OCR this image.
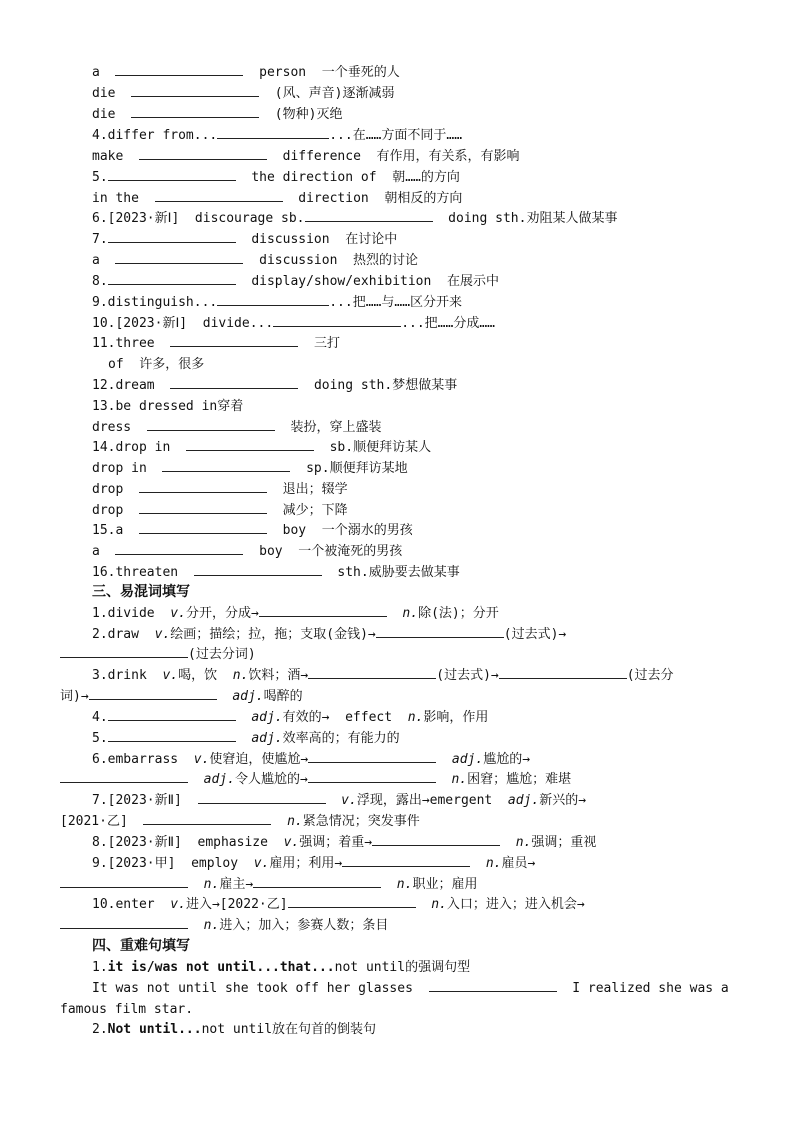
a	person  一个垂死的人
die	(风、声音)逐渐减弱
die	(物种)灭绝
4.differ from...	...在……方面不同于……
make	difference  有作用，有关系，有影响
5.	the direction of  朝……的方向
in the	direction  朝相反的方向
6.[2023·新Ⅰ]  discourage sb.	doing sth.劝阻某人做某事
7.	discussion  在讨论中
a	discussion  热烈的讨论
8.	display/show/exhibition  在展示中
9.distinguish...	...把……与……区分开来
10.[2023·新Ⅰ]  divide...	...把……分成……
11.three	三打
of  许多，很多
12.dream	doing sth.梦想做某事
13.be dressed in穿着
dress	装扮，穿上盛装
14.drop in	sb.顺便拜访某人
drop in	sp.顺便拜访某地
drop	退出；辍学
drop	减少；下降
15.a	boy  一个溺水的男孩
a	boy  一个被淹死的男孩
16.threaten	sth.威胁要去做某事
三、易混词填写
1.divide  v.分开，分成→	n.除(法)；分开
2.draw  v.绘画；描绘；拉，拖；支取(金钱)→	(过去式)→
(过去分词)
3.drink  v.喝，饮  n.饮料；酒→	(过去式)→	(过去分
词)→	adj.喝醉的
4.	adj.有效的→  effect  n.影响，作用
5.	adj.效率高的；有能力的
6.embarrass  v.使窘迫，使尴尬→	adj.尴尬的→
adj.令人尴尬的→	n.困窘；尴尬；难堪
7.[2023·新Ⅱ]	v.浮现，露出→emergent  adj.新兴的→
[2021·乙]	n.紧急情况；突发事件
8.[2023·新Ⅱ]  emphasize  v.强调；着重→	n.强调；重视
9.[2023·甲]  employ  v.雇用；利用→	n.雇员→
n.雇主→	n.职业；雇用
10.enter  v.进入→[2022·乙]	n.入口；进入；进入机会→
n.进入；加入；参赛人数；条目
四、重难句填写
1.it is/was not until...that...not until的强调句型
It was not until she took off her glasses	I realized she was a
famous film star.
2.Not until...not until放在句首的倒装句
